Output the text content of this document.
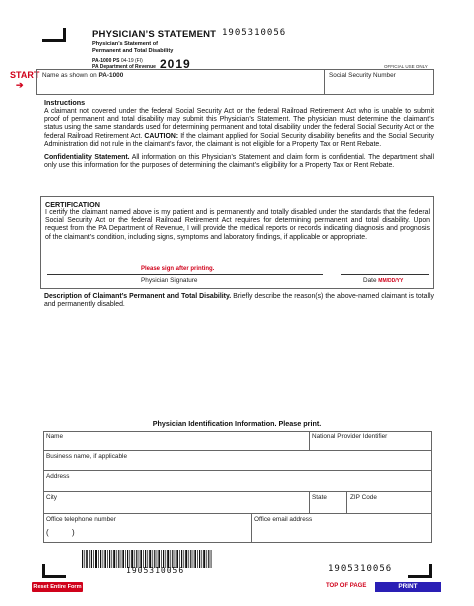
PHYSICIAN’S STATEMENT
Physician’s Statement of
Permanent and Total Disability
PA-1000 PS 04-19 (FI)
PA Department of Revenue 2019
1905310056
OFFICIAL USE ONLY
START
➔
Name as shown on PA-1000	Social Security Number
Instructions

A claimant not covered under the federal Social Security Act or the federal Railroad Retirement Act who is unable to submit proof of permanent and total disability may submit this Physician’s Statement. The physician must determine the claimant’s status using the same standards used for determining permanent and total disability under the federal Social Security Act or the federal Railroad Retirement Act. CAUTION: If the claimant applied for Social Security disability benefits and the Social Security Administration did not rule in the claimant’s favor, the claimant is not eligible for a Property Tax or Rent Rebate.

Confidentiality Statement. All information on this Physician’s Statement and claim form is confidential. The department shall only use this information for the purposes of determining the claimant’s eligibility for a Property Tax or Rent Rebate.

CERTIFICATION

I certify the claimant named above is my patient and is permanently and totally disabled under the standards that the federal Social Security Act or the federal Railroad Retirement Act requires for determining permanent and total disability. Upon request from the PA Department of Revenue, I will provide the medical reports or records indicating diagnosis and prognosis of the claimant’s condition, including signs, symptoms and laboratory findings, if applicable or appropriate.

Please sign after printing.
Physician Signature	Date MM/DD/YY

Description of Claimant’s Permanent and Total Disability. Briefly describe the reason(s) the above-named claimant is totally and permanently disabled.

Physician Identification Information. Please print.
Name	National Provider Identifier
Business name, if applicable
Address
City	State	ZIP Code
Office telephone number	Office email address
(	)
1905310056	1905310056
Reset Entire Form	TOP OF PAGE	PRINT
